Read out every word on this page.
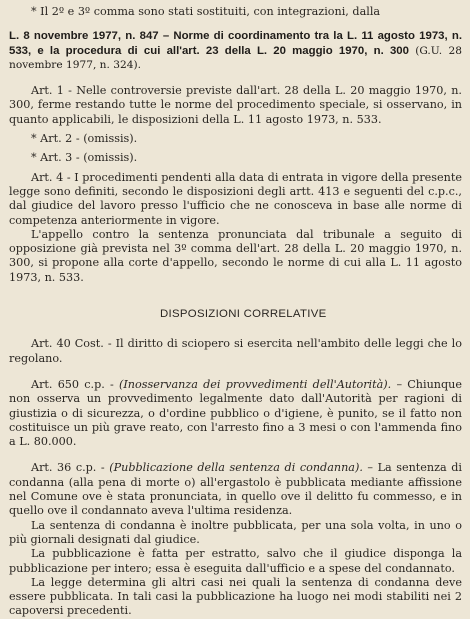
* Il 2º e 3º comma sono stati sostituiti, con integrazioni, dalla

L. 8 novembre 1977, n. 847 – Norme di coordinamento tra la L. 11 agosto 1973, n. 533, e la procedura di cui all'art. 23 della L. 20 maggio 1970, n. 300 (G.U. 28 novembre 1977, n. 324).

Art. 1 - Nelle controversie previste dall'art. 28 della L. 20 maggio 1970, n. 300, ferme restando tutte le norme del procedimento speciale, si osservano, in quanto applicabili, le disposizioni della L. 11 agosto 1973, n. 533.

* Art. 2 - (omissis).

* Art. 3 - (omissis).

Art. 4 - I procedimenti pendenti alla data di entrata in vigore della presente legge sono definiti, secondo le disposizioni degli artt. 413 e seguenti del c.p.c., dal giudice del lavoro presso l'ufficio che ne conosceva in base alle norme di competenza anteriormente in vigore.

L'appello contro la sentenza pronunciata dal tribunale a seguito di opposizione già prevista nel 3º comma dell'art. 28 della L. 20 maggio 1970, n. 300, si propone alla corte d'appello, secondo le norme di cui alla L. 11 agosto 1973, n. 533.

DISPOSIZIONI CORRELATIVE

Art. 40 Cost. - Il diritto di sciopero si esercita nell'ambito delle leggi che lo regolano.

Art. 650 c.p. - (Inosservanza dei provvedimenti dell'Autorità). – Chiunque non osserva un provvedimento legalmente dato dall'Autorità per ragioni di giustizia o di sicurezza, o d'ordine pubblico o d'igiene, è punito, se il fatto non costituisce un più grave reato, con l'arresto fino a 3 mesi o con l'ammenda fino a L. 80.000.

Art. 36 c.p. - (Pubblicazione della sentenza di condanna). – La sentenza di condanna (alla pena di morte o) all'ergastolo è pubblicata mediante affissione nel Comune ove è stata pronunciata, in quello ove il delitto fu commesso, e in quello ove il condannato aveva l'ultima residenza.

La sentenza di condanna è inoltre pubblicata, per una sola volta, in uno o più giornali designati dal giudice.

La pubblicazione è fatta per estratto, salvo che il giudice disponga la pubblicazione per intero; essa è eseguita dall'ufficio e a spese del condannato.

La legge determina gli altri casi nei quali la sentenza di condanna deve essere pubblicata. In tali casi la pubblicazione ha luogo nei modi stabiliti nei 2 capoversi precedenti.
